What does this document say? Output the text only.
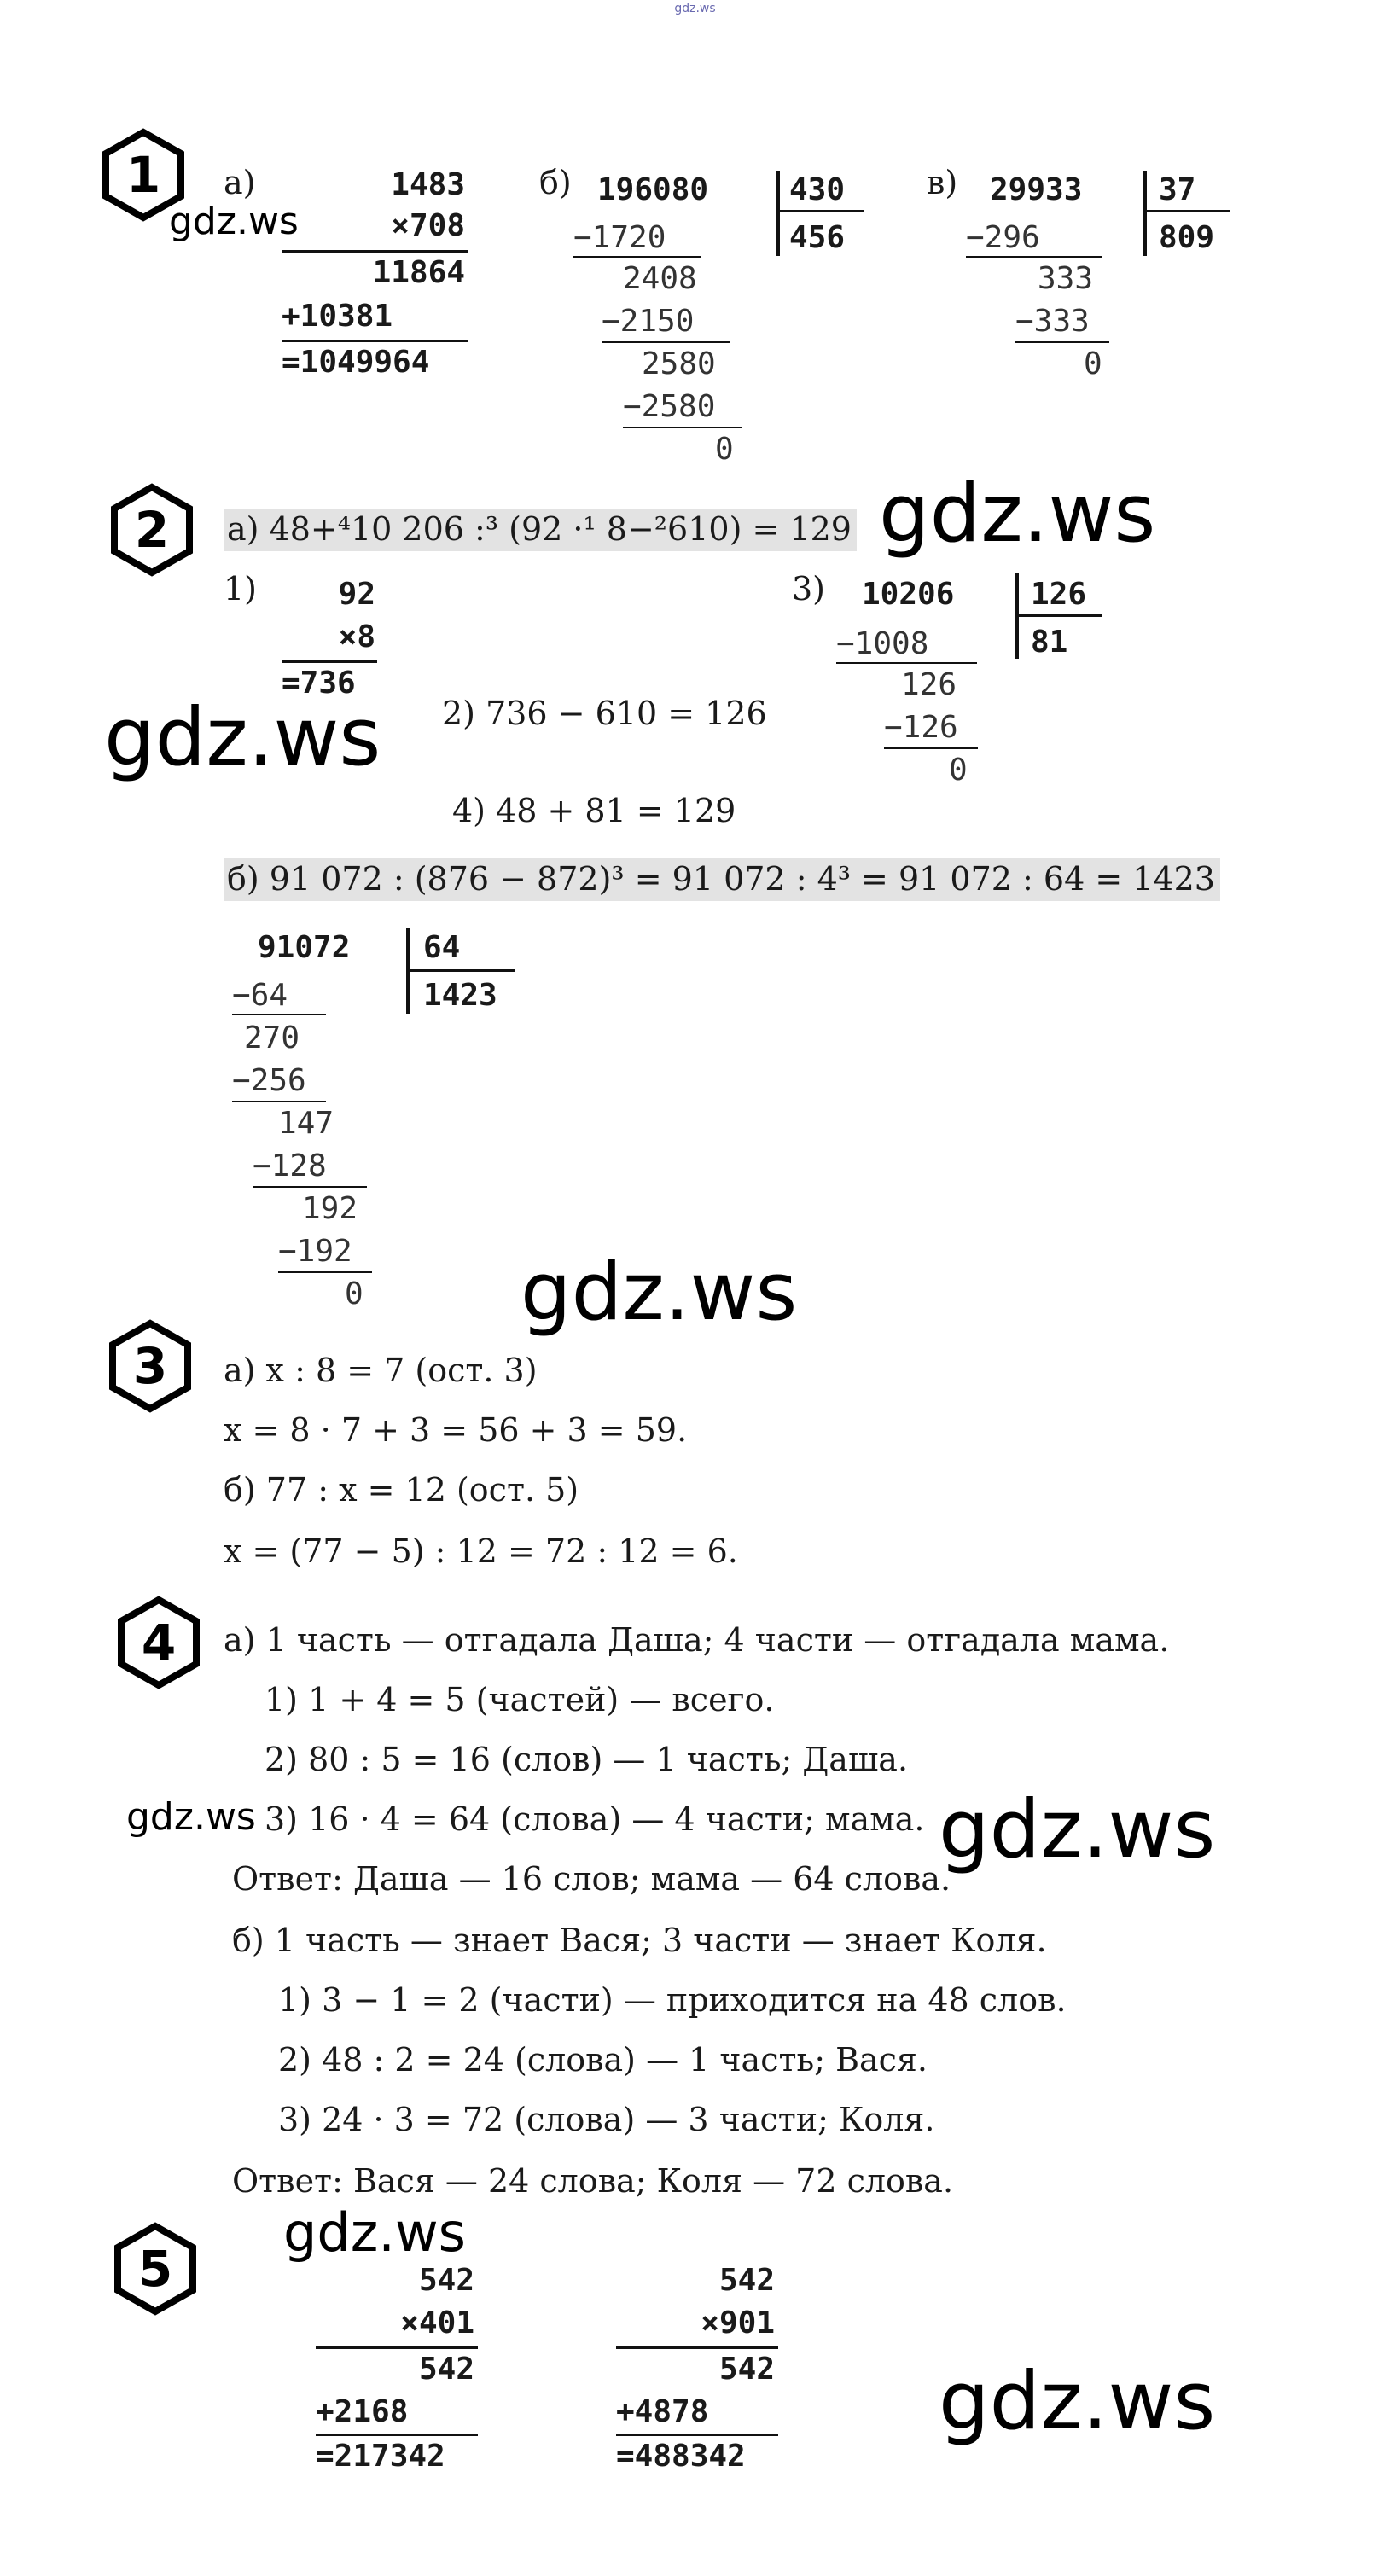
gdz.ws
1	а)	1483
×708
11864
+10381
=1049964
б) 196080	430
456
−1720
2408
−2150
2580
−2580
0
в) 29933 37
809
−296
333
−333
0
2	а) 48+⁴10 206 :³ (92 ·¹ 8−²610) = 129
1)	92
×8
=736
2) 736 − 610 = 126
3) 10206 126
81
−1008
126
−126
0
4) 48 + 81 = 129
б) 91 072 : (876 − 872)³ = 91 072 : 4³ = 91 072 : 64 = 1423
91072 64
1423
−64
270
−256
147
−128
192
−192
0
3	а) x : 8 = 7 (ост. 3)
x = 8 · 7 + 3 = 56 + 3 = 59.
б) 77 : x = 12 (ост. 5)
x = (77 − 5) : 12 = 72 : 12 = 6.
4	а) 1 часть — отгадала Даша; 4 части — отгадала мама.
1) 1 + 4 = 5 (частей) — всего.
2) 80 : 5 = 16 (слов) — 1 часть; Даша.
3) 16 · 4 = 64 (слова) — 4 части; мама.
Ответ: Даша — 16 слов; мама — 64 слова.
б) 1 часть — знает Вася; 3 части — знает Коля.
1) 3 − 1 = 2 (части) — приходится на 48 слов.
2) 48 : 2 = 24 (слова) — 1 часть; Вася.
3) 24 · 3 = 72 (слова) — 3 части; Коля.
Ответ: Вася — 24 слова; Коля — 72 слова.
5	542
×401
542
+2168
=217342
542
×901
542
+4878
=488342
gdz.ws
gdz.ws
gdz.ws
gdz.ws
gdz.ws	gdz.ws
gdz.ws
gdz.ws
